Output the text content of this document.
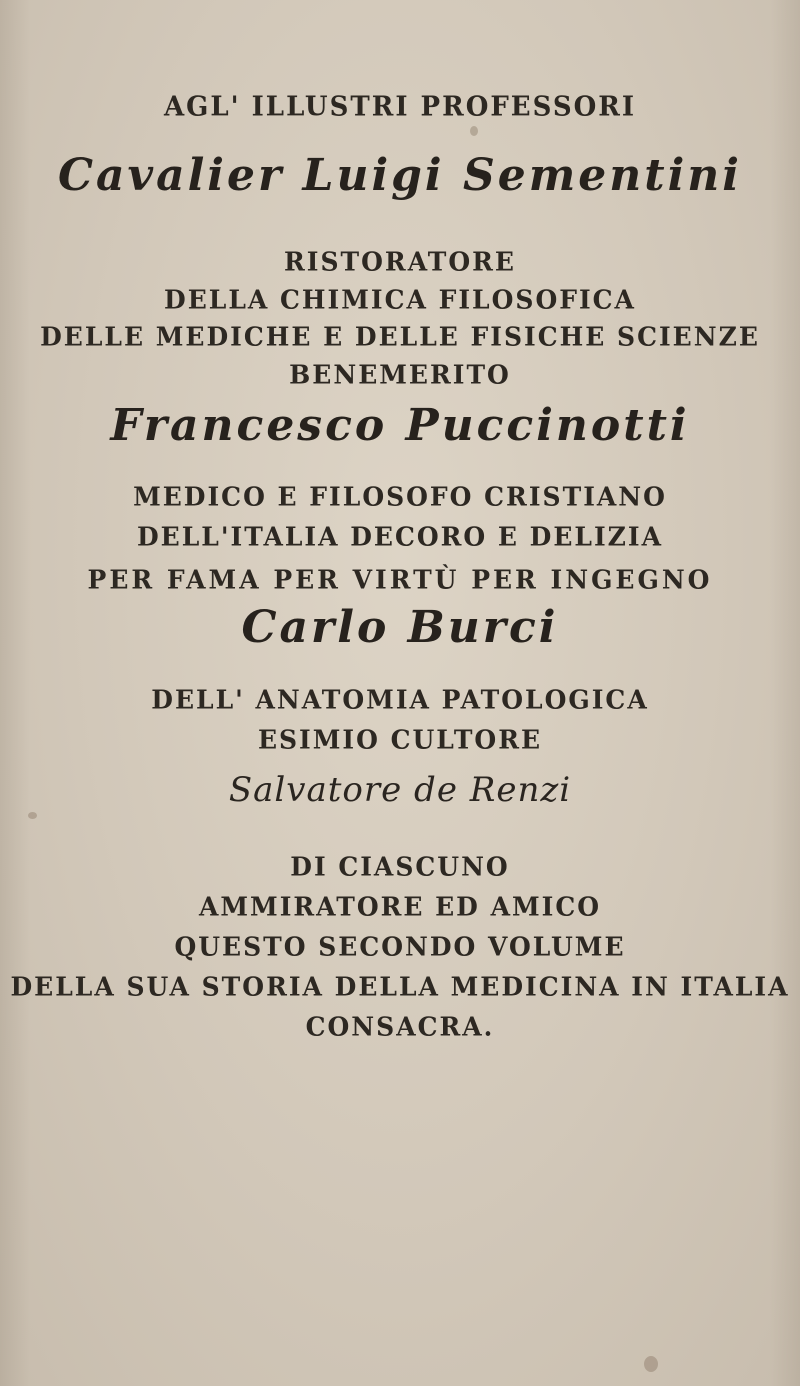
AGL' ILLUSTRI PROFESSORI
Cavalier Luigi Sementini
RISTORATORE
DELLA CHIMICA FILOSOFICA
DELLE MEDICHE E DELLE FISICHE SCIENZE
BENEMERITO
Francesco Puccinotti
MEDICO E FILOSOFO CRISTIANO
DELL'ITALIA DECORO E DELIZIA
PER FAMA PER VIRTÙ PER INGEGNO
Carlo Burci
DELL' ANATOMIA PATOLOGICA
ESIMIO CULTORE
Salvatore de Renzi
DI CIASCUNO
AMMIRATORE ED AMICO
QUESTO SECONDO VOLUME
DELLA SUA STORIA DELLA MEDICINA IN ITALIA
CONSACRA.
